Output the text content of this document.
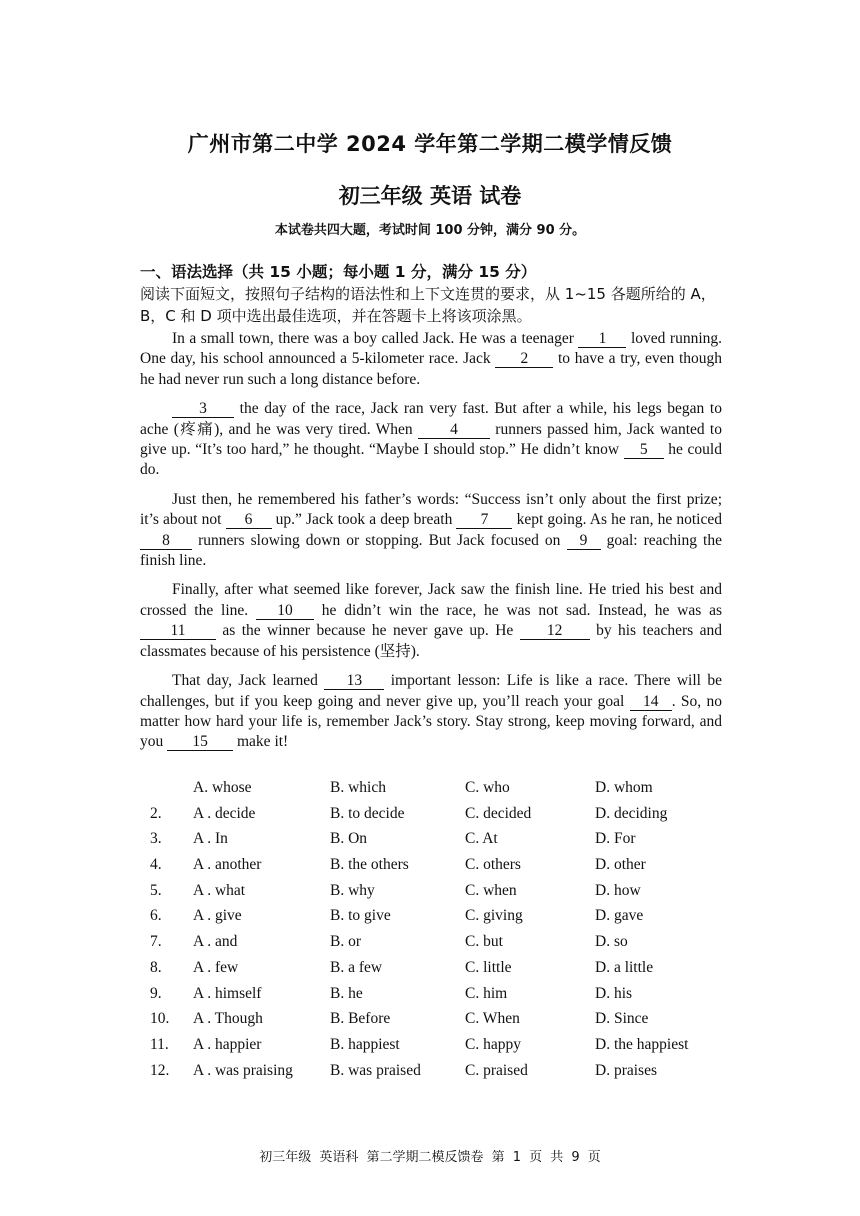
广州市第二中学 2024 学年第二学期二模学情反馈
初三年级 英语 试卷
本试卷共四大题，考试时间 100 分钟，满分 90 分。
一、语法选择（共 15 小题；每小题 1 分，满分 15 分）
阅读下面短文，按照句子结构的语法性和上下文连贯的要求，从 1~15 各题所给的 A，B，C 和 D 项中选出最佳选项，并在答题卡上将该项涂黑。

In a small town, there was a boy called Jack. He was a teenager 1 loved running. One day, his school announced a 5-kilometer race. Jack 2 to have a try, even though he had never run such a long distance before.

3 the day of the race, Jack ran very fast. But after a while, his legs began to ache (疼痛), and he was very tired. When 4 runners passed him, Jack wanted to give up. “It’s too hard,” he thought. “Maybe I should stop.” He didn’t know 5 he could do.

Just then, he remembered his father’s words: “Success isn’t only about the first prize; it’s about not 6 up.” Jack took a deep breath 7 kept going. As he ran, he noticed 8 runners slowing down or stopping. But Jack focused on 9 goal: reaching the finish line.

Finally, after what seemed like forever, Jack saw the finish line. He tried his best and crossed the line. 10 he didn’t win the race, he was not sad. Instead, he was as 11 as the winner because he never gave up. He 12 by his teachers and classmates because of his persistence (坚持).

That day, Jack learned 13 important lesson: Life is like a race. There will be challenges, but if you keep going and never give up, you’ll reach your goal 14 . So, no matter how hard your life is, remember Jack’s story. Stay strong, keep moving forward, and you 15 make it!

A. whose	B. which	C. who	D. whom
2. A . decide	B. to decide	C. decided	D. deciding
3. A . In	B. On	C. At	D. For
4. A . another	B. the others	C. others	D. other
5. A . what	B. why	C. when	D. how
6. A . give	B. to give	C. giving	D. gave
7. A . and	B. or	C. but	D. so
8. A . few	B. a few	C. little	D. a little
9. A . himself	B. he	C. him	D. his
10. A . Though	B. Before	C. When	D. Since
11. A . happier	B. happiest	C. happy	D. the happiest
12. A . was praising B. was praised	C. praised	D. praises
初三年级 英语科 第二学期二模反馈卷 第 1 页 共 9 页
